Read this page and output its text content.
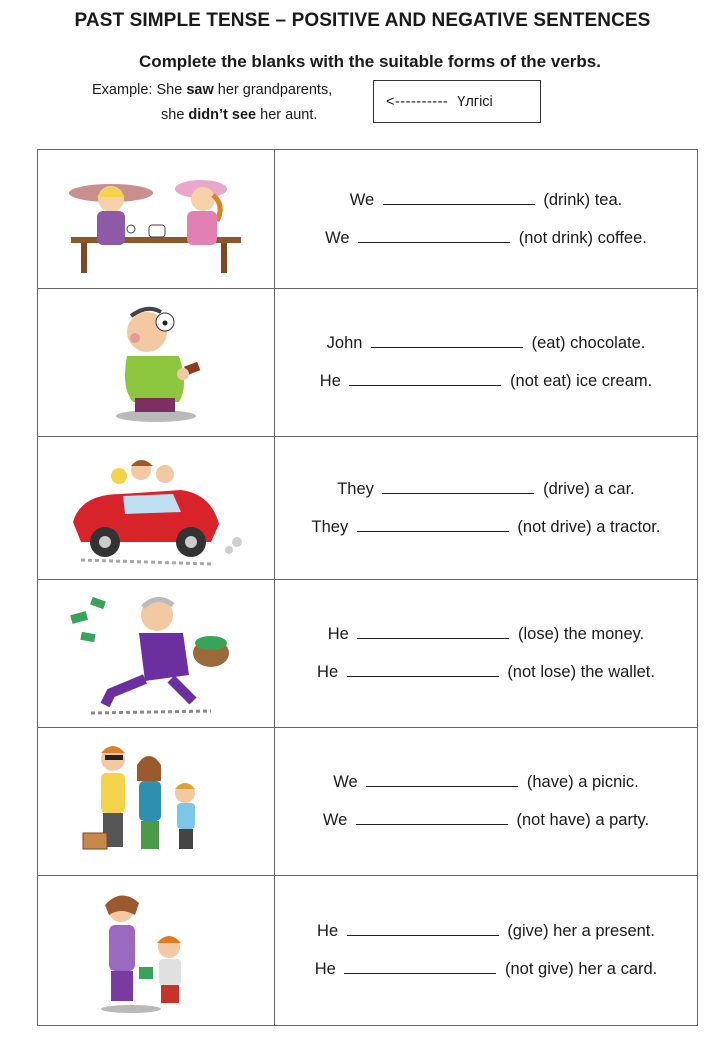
PAST SIMPLE TENSE – POSITIVE AND NEGATIVE SENTENCES
Complete the blanks with the suitable forms of the verbs.
Example: She saw her grandparents,
she didn’t see her aunt.
<---------- Үлгісі

We (drink) tea.
We (not drink) coffee.

John (eat) chocolate.
He (not eat) ice cream.

They (drive) a car.
They (not drive) a tractor.

He (lose) the money.
He (not lose) the wallet.

We (have) a picnic.
We (not have) a party.

He (give) her a present.
He (not give) her a card.
